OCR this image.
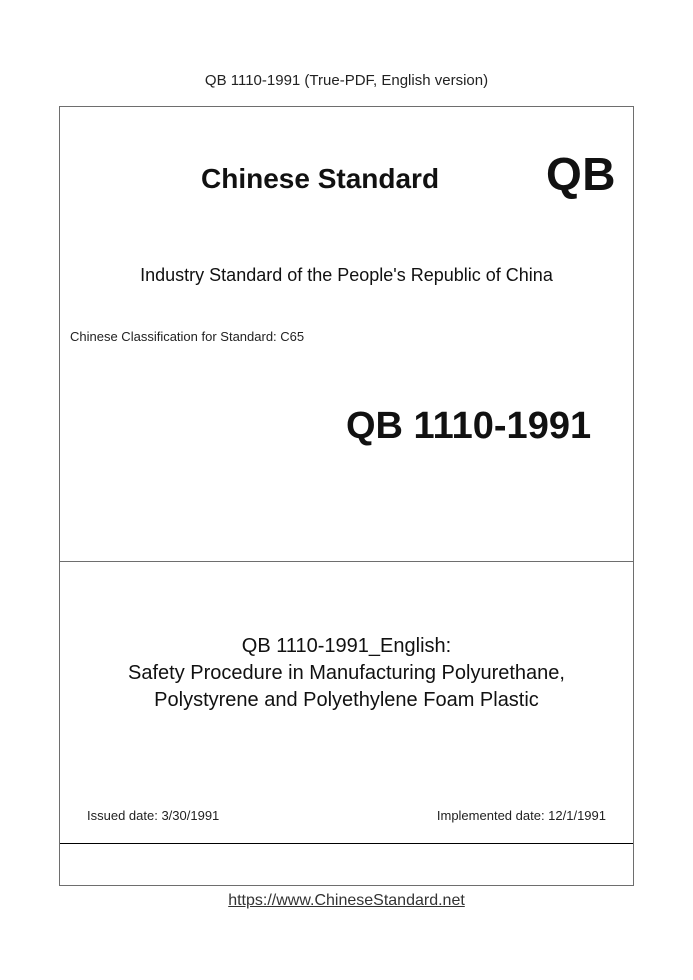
QB 1110-1991 (True-PDF, English version)
Chinese Standard QB
Industry Standard of the People's Republic of China
Chinese Classification for Standard: C65
QB 1110-1991
QB 1110-1991_English:
Safety Procedure in Manufacturing Polyurethane,
Polystyrene and Polyethylene Foam Plastic
Issued date: 3/30/1991	Implemented date: 12/1/1991
https://www.ChineseStandard.net
